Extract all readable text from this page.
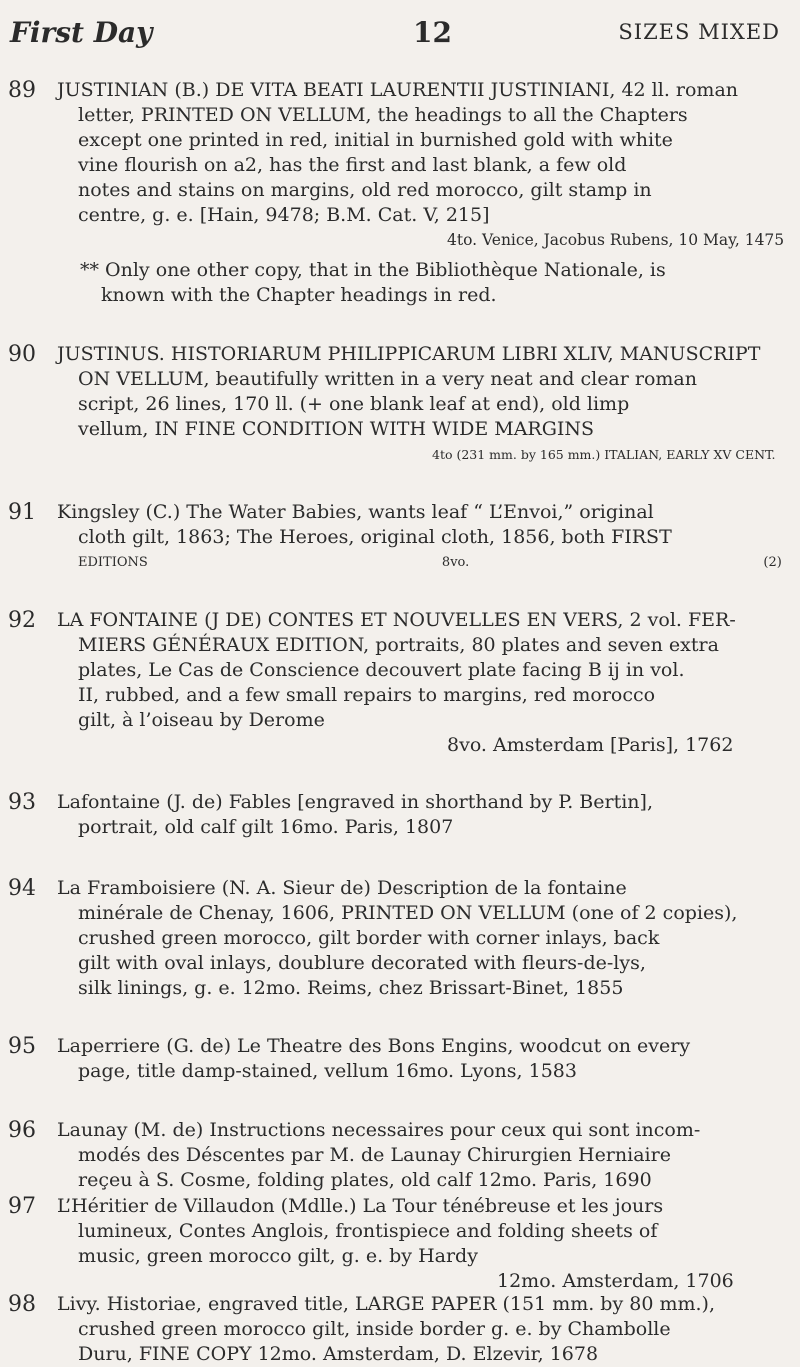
First Day	12	SIZES MIXED
89 JUSTINIAN (B.) DE VITA BEATI LAURENTII JUSTINIANI, 42 ll. roman
letter, PRINTED ON VELLUM, the headings to all the Chapters
except one printed in red, initial in burnished gold with white
vine flourish on a2, has the first and last blank, a few old
notes and stains on margins, old red morocco, gilt stamp in
centre, g. e. [Hain, 9478; B.M. Cat. V, 215]
4to. Venice, Jacobus Rubens, 10 May, 1475
** Only one other copy, that in the Bibliothèque Nationale, is
known with the Chapter headings in red.
90 JUSTINUS. HISTORIARUM PHILIPPICARUM LIBRI XLIV, MANUSCRIPT
ON VELLUM, beautifully written in a very neat and clear roman
script, 26 lines, 170 ll. (+ one blank leaf at end), old limp
vellum, IN FINE CONDITION WITH WIDE MARGINS
4to (231 mm. by 165 mm.) ITALIAN, EARLY XV CENT.
91 Kingsley (C.) The Water Babies, wants leaf “ L’Envoi,” original
cloth gilt, 1863; The Heroes, original cloth, 1856, both FIRST
EDITIONS 8vo. (2)
92 LA FONTAINE (J DE) CONTES ET NOUVELLES EN VERS, 2 vol. FER-
MIERS GÉNÉRAUX EDITION, portraits, 80 plates and seven extra
plates, Le Cas de Conscience decouvert plate facing B ij in vol.
II, rubbed, and a few small repairs to margins, red morocco
gilt, à l’oiseau by Derome
8vo. Amsterdam [Paris], 1762
93 Lafontaine (J. de) Fables [engraved in shorthand by P. Bertin],
portrait, old calf gilt 16mo. Paris, 1807
94 La Framboisiere (N. A. Sieur de) Description de la fontaine
minérale de Chenay, 1606, PRINTED ON VELLUM (one of 2 copies),
crushed green morocco, gilt border with corner inlays, back
gilt with oval inlays, doublure decorated with fleurs-de-lys,
silk linings, g. e. 12mo. Reims, chez Brissart-Binet, 1855
95 Laperriere (G. de) Le Theatre des Bons Engins, woodcut on every
page, title damp-stained, vellum 16mo. Lyons, 1583
96 Launay (M. de) Instructions necessaires pour ceux qui sont incom-
modés des Déscentes par M. de Launay Chirurgien Herniaire
reçeu à S. Cosme, folding plates, old calf 12mo. Paris, 1690
97 L’Héritier de Villaudon (Mdlle.) La Tour ténébreuse et les jours
lumineux, Contes Anglois, frontispiece and folding sheets of
music, green morocco gilt, g. e. by Hardy
12mo. Amsterdam, 1706
98 Livy. Historiae, engraved title, LARGE PAPER (151 mm. by 80 mm.),
crushed green morocco gilt, inside border g. e. by Chambolle
Duru, FINE COPY 12mo. Amsterdam, D. Elzevir, 1678
